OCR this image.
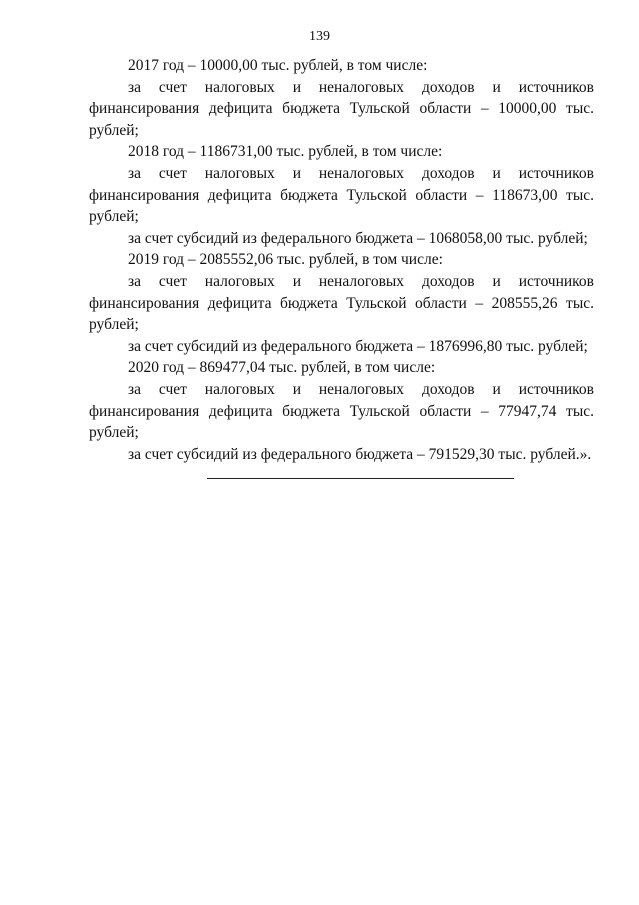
139

2017 год – 10000,00 тыс. рублей, в том числе:

за счет налоговых и неналоговых доходов и источников финансирования дефицита бюджета Тульской области – 10000,00 тыс. рублей;

2018 год – 1186731,00 тыс. рублей, в том числе:

за счет налоговых и неналоговых доходов и источников финансирования дефицита бюджета Тульской области – 118673,00 тыс. рублей;

за счет субсидий из федерального бюджета – 1068058,00 тыс. рублей;

2019 год – 2085552,06 тыс. рублей, в том числе:

за счет налоговых и неналоговых доходов и источников финансирования дефицита бюджета Тульской области – 208555,26 тыс. рублей;

за счет субсидий из федерального бюджета – 1876996,80 тыс. рублей;

2020 год – 869477,04 тыс. рублей, в том числе:

за счет налоговых и неналоговых доходов и источников финансирования дефицита бюджета Тульской области – 77947,74 тыс. рублей;

за счет субсидий из федерального бюджета – 791529,30 тыс. рублей.».
